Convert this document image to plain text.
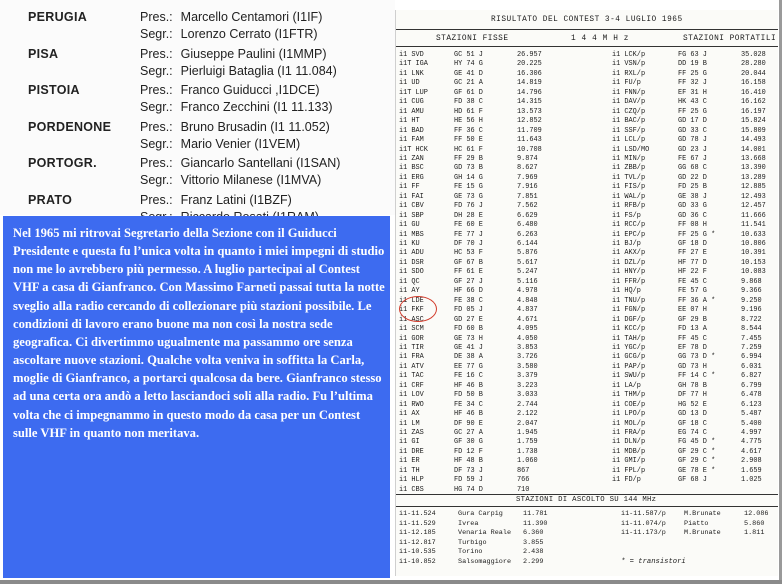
PERUGIA	Pres.: Marcello Centamori (I1IF)
Segr.: Lorenzo Cerrato (I1FTR)
PISA	Pres.: Giuseppe Paulini (I1MMP)
Segr.: Pierluigi Bataglia (I1 11.084)
PISTOIA	Pres.: Franco Guiducci ,I1DCE)
Segr.: Franco Zecchini (I1 11.133)
PORDENONE Pres.: Bruno Brusadin (I1 11.052)
Segr.: Mario Venier (I1VEM)
PORTOGR.	Pres.: Giancarlo Santellani (I1SAN)
Segr.: Vittorio Milanese (I1MVA)
PRATO	Pres.: Franz Latini (I1BZF)
Nel 1965 mi ritrovai Segretario della Sezione con il Guiducci Presidente e questa fu l’unica volta in quanto i miei impegni di studio non me lo avrebbero più permesso. A luglio partecipai al Contest VHF a casa di Gianfranco. Con Massimo Farneti passai tutta la notte sveglio alla radio cercando di collezionare più stazioni possibile. Le condizioni di lavoro erano buone ma non così la nostra sede geografica. Ci divertimmo ugualmente ma passammo ore senza ascoltare nuove stazioni. Qualche volta veniva in soffitta la Carla, moglie di Gianfranco, a portarci qualcosa da bere. Gianfranco stesso ad una certa ora andò a letto lasciandoci soli alla radio. Fu l’ultima volta che ci impegnammo in questo modo da casa per un Contest sulle VHF in quanto non meritava.
RISULTATO DEL CONTEST 3-4 LUGLIO 1965
STAZIONI FISSE	1 4 4 M H z	STAZIONI PORTATILI
i1 SVD	GC 51 J	26.957	i1 LCK/p	FG 63 J	35.028
i1T IGA	HY 74 G	20.225	i1 VSN/p	DD 19 B	28.280
i1 LNK	GE 41 D	16.306	i1 RXL/p	FF 25 G	20.044
i1 UD	GC 21 A	14.819	i1 FU/p	FF 32 J	16.158
i1T LUP	GF 61 D	14.796	i1 FNN/p	EF 31 H	16.410
i1 CUG	FD 38 C	14.315	i1 DAV/p	HK 43 C	16.162
i1 AMU	HD 61 F	13.573	i1 CZQ/p	FF 25 G	16.197
i1 HT	HE 56 H	12.852	i1 BAC/p	GD 17 D	15.824
i1 BAD	FF 36 C	11.709	i1 SSF/p	GD 33 C	15.809
i1 FAM	FF 50 E	11.643	i1 LCL/p	GD 78 J	14.493
i1T HCK	HC 61 F	10.708	i1 LSD/MO	GD 23 J	14.001
i1 ZAN	FF 29 B	9.874	i1 MIN/p	FE 67 J	13.668
i1 BSC	GD 73 B	8.627	i1 ZBB/p	GG 68 C	13.390
i1 ERG	GH 14 G	7.969	i1 TVL/p	GD 22 D	13.289
i1 FF	FE 15 G	7.916	i1 FIS/p	FD 25 B	12.885
i1 FAI	GE 73 G	7.851	i1 WAL/p	GE 38 J	12.493
i1 CBV	FD 76 J	7.562	i1 RFB/p	GD 33 G	12.457
i1 SBP	DH 28 E	6.629	i1 FS/p	GD 36 C	11.666
i1 GU	FE 60 E	6.480	i1 RCC/p	FF 08 H	11.541
i1 MBS	FE 77 J	6.263	i1 EPC/p	FF 25 G *	10.633
i1 KU	DF 70 J	6.144	i1 BJ/p	GF 18 D	10.806
i1 ADU	HC 53 F	5.876	i1 AKX/p	FF 27 E	10.391
i1 DSR	GF 67 B	5.617	i1 DZL/p	HF 77 D	10.153
i1 SDO	FF 61 E	5.247	i1 HNY/p	HF 22 F	10.083
i1 QC	GF 27 J	5.116	i1 FFR/p	FE 45 C	9.868
i1 AY	HF 66 D	4.978	i1 HQ/p	FE 57 G	9.366
i1 LDE	FE 38 C	4.848	i1 TNU/p	FF 36 A *	9.250
i1 FKF	FD 05 J	4.837	i1 FGN/p	EE 07 H	9.196
i1 ASC	GD 27 E	4.671	i1 DGF/p	GF 29 B	8.722
i1 SCM	FD 60 B	4.095	i1 KCC/p	FD 13 A	8.544
i1 GOR	GE 73 H	4.050	i1 TAH/p	FF 45 C	7.455
i1 TIR	GE 41 J	3.853	i1 YGC/p	EF 78 D	7.259
i1 FRA	DE 38 A	3.726	i1 GCG/p	GG 73 D *	6.994
i1 ATV	EE 77 G	3.580	i1 PAP/p	GD 73 H	6.031
i1 TAC	FE 16 C	3.379	i1 SWU/p	FF 14 C *	6.827
i1 CRF	HF 46 B	3.223	i1 LA/p	GH 78 B	6.799
i1 LOV	FD 50 B	3.033	i1 THM/p	DF 77 H	6.478
i1 RWO	FE 34 C	2.744	i1 COE/p	HG 52 E	6.123
i1 AX	HF 46 B	2.122	i1 LPO/p	GD 13 D	5.487
i1 LM	DF 90 E	2.047	i1 MOL/p	GF 18 C	5.400
i1 ZAS	GC 27 A	1.945	i1 FRA/p	EG 74 C	4.997
i1 GI	GF 30 G	1.759	i1 DLN/p	FG 45 D *	4.775
i1 DRE	FD 12 F	1.738	i1 MDB/p	GF 29 C *	4.617
i1 ER	HF 48 B	1.060	i1 GMI/p	GF 29 C *	2.908
i1 TH	DF 73 J	867	i1 FPL/p	GE 78 E *	1.659
i1 HLP	FD 59 J	766	i1 FD/p	GF 68 J	1.025
i1 CBS	HG 74 D	710
STAZIONI DI ASCOLTO SU 144 MHz
i1-11.524	Gura Carpig	11.781	i1-11.587/p	M.Brunate	12.086
i1-11.529	Ivrea	11.390	i1-11.074/p	Piatto	5.860
i1-12.185	Venaria Reale 6.360	i1-11.173/p	M.Brunate	1.811
i1-12.817	Turbigo	3.855
i1-10.535	Torino	2.438
i1-10.852	Salsomaggiore 2.299	* = transistori
